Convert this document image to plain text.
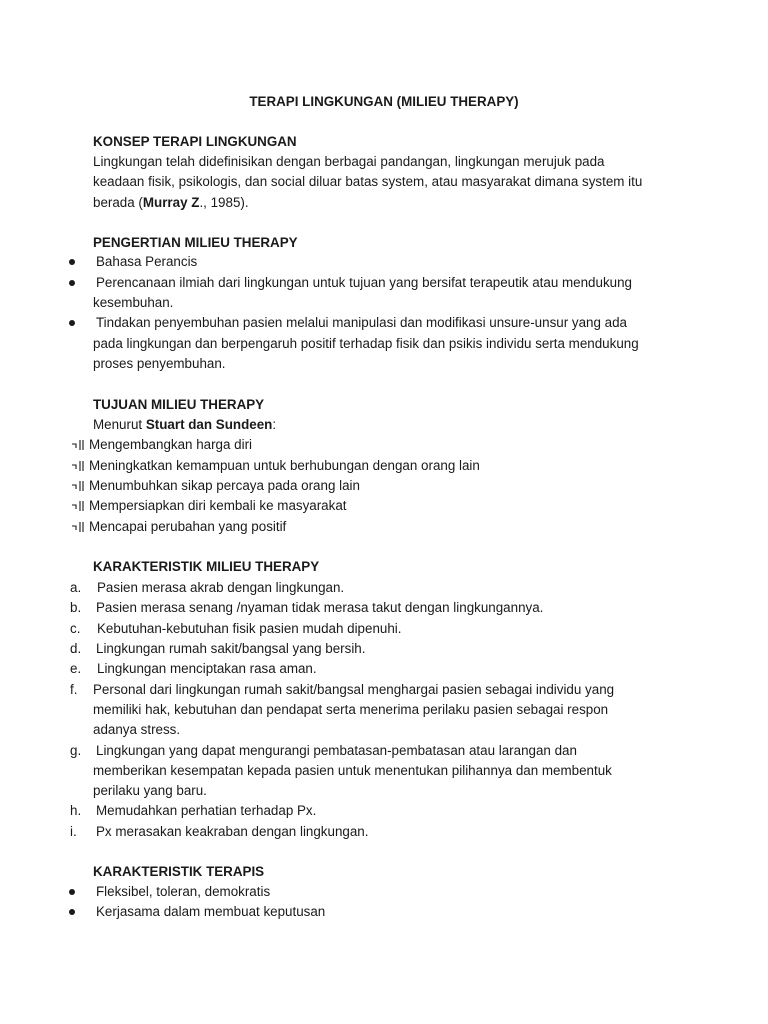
TERAPI LINGKUNGAN (MILIEU THERAPY)
KONSEP TERAPI LINGKUNGAN
Lingkungan telah didefinisikan dengan berbagai pandangan, lingkungan merujuk pada
keadaan fisik, psikologis, dan social diluar batas system, atau masyarakat dimana system itu
berada (Murray Z., 1985).
PENGERTIAN MILIEU THERAPY
Bahasa Perancis
Perencanaan ilmiah dari lingkungan untuk tujuan yang bersifat terapeutik atau mendukung
kesembuhan.
Tindakan penyembuhan pasien melalui manipulasi dan modifikasi unsure-unsur yang ada
pada lingkungan dan berpengaruh positif terhadap fisik dan psikis individu serta mendukung
proses penyembuhan.
TUJUAN MILIEU THERAPY
Menurut Stuart dan Sundeen:
Mengembangkan harga diri
Meningkatkan kemampuan untuk berhubungan dengan orang lain
Menumbuhkan sikap percaya pada orang lain
Mempersiapkan diri kembali ke masyarakat
Mencapai perubahan yang positif
KARAKTERISTIK MILIEU THERAPY
a. Pasien merasa akrab dengan lingkungan.
b. Pasien merasa senang /nyaman tidak merasa takut dengan lingkungannya.
c. Kebutuhan-kebutuhan fisik pasien mudah dipenuhi.
d. Lingkungan rumah sakit/bangsal yang bersih.
e. Lingkungan menciptakan rasa aman.
f. Personal dari lingkungan rumah sakit/bangsal menghargai pasien sebagai individu yang
memiliki hak, kebutuhan dan pendapat serta menerima perilaku pasien sebagai respon
adanya stress.
g. Lingkungan yang dapat mengurangi pembatasan-pembatasan atau larangan dan
memberikan kesempatan kepada pasien untuk menentukan pilihannya dan membentuk
perilaku yang baru.
h. Memudahkan perhatian terhadap Px.
i. Px merasakan keakraban dengan lingkungan.
KARAKTERISTIK TERAPIS
Fleksibel, toleran, demokratis
Kerjasama dalam membuat keputusan
